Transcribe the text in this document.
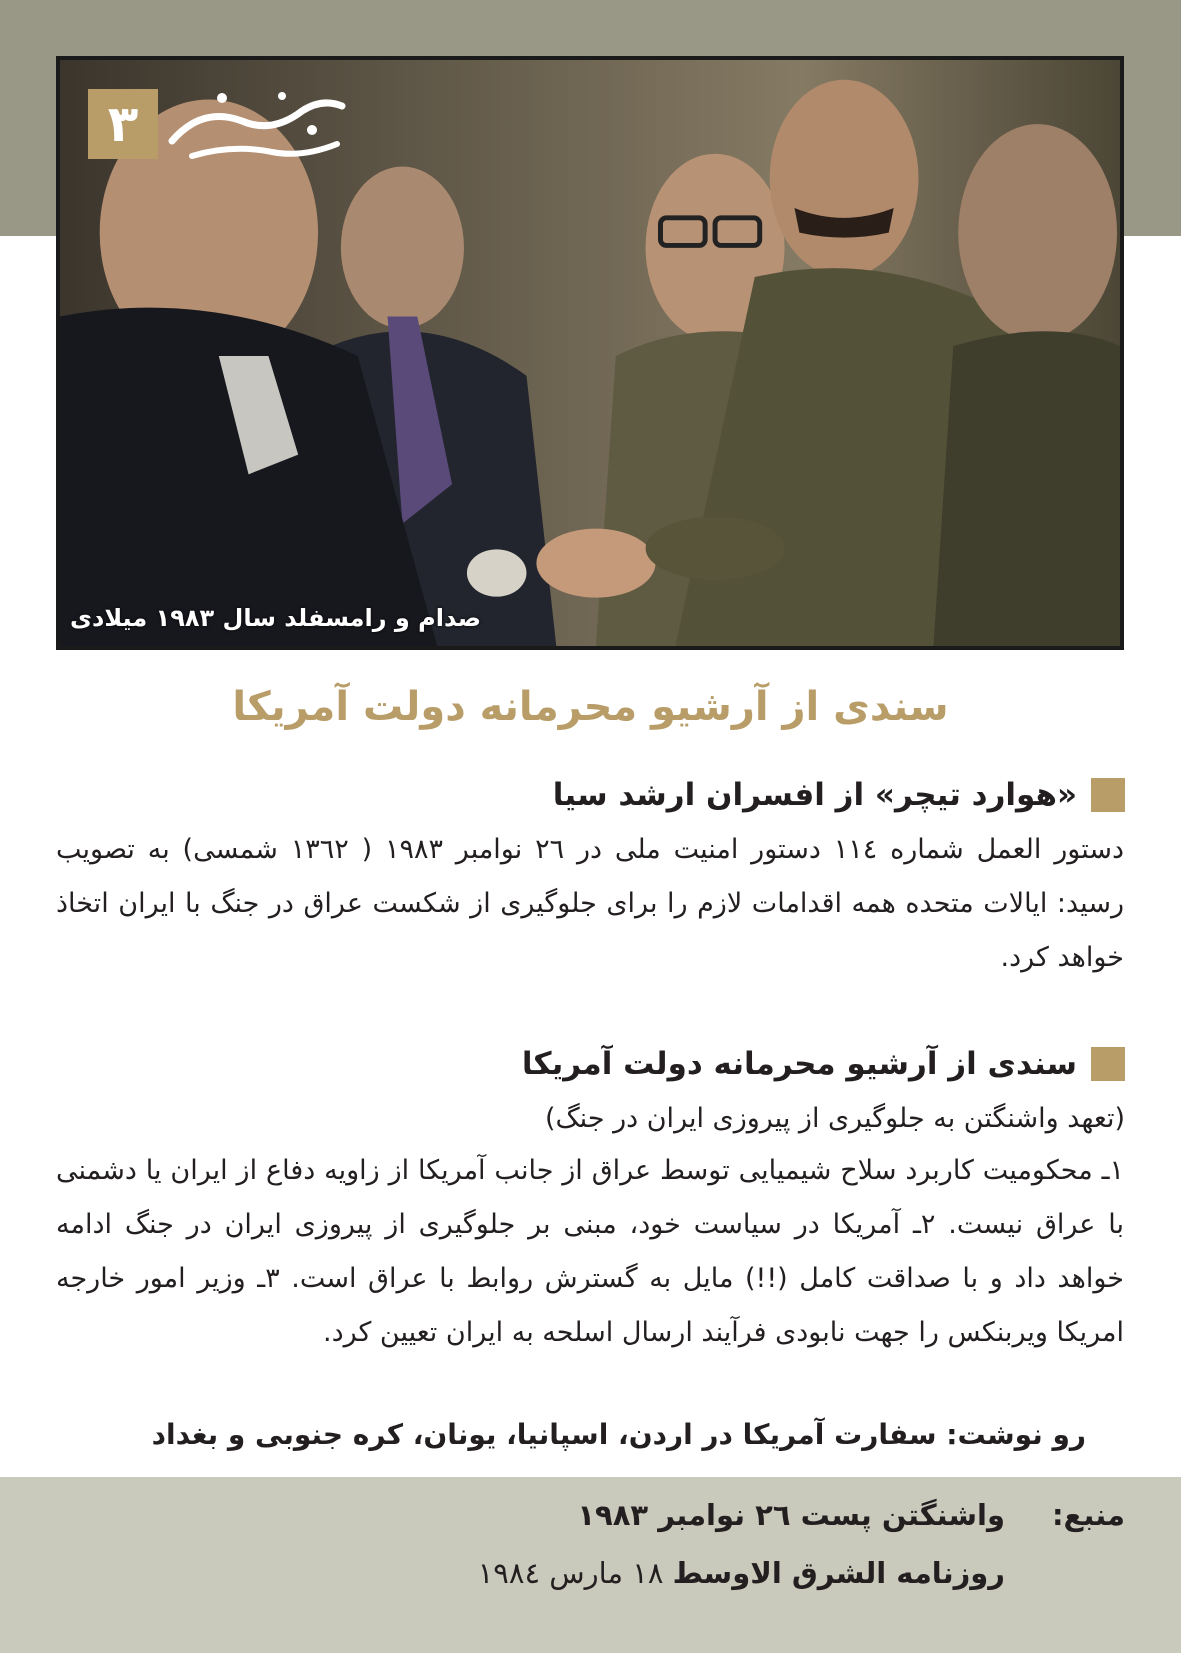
۳
صدام و رامسفلد سال ۱۹۸۳ میلادی
سندی از آرشیو محرمانه دولت آمریکا
«هوارد تیچر» از افسران ارشد سیا
دستور العمل شماره ۱۱٤ دستور امنیت ملی در ۲٦ نوامبر ۱۹۸۳ ( ۱۳٦۲ شمسی) به تصویب رسید: ایالات متحده همه اقدامات لازم را برای جلوگیری از شکست عراق در جنگ با ایران اتخاذ خواهد کرد.
سندی از آرشیو محرمانه دولت آمریکا
(تعهد واشنگتن به جلوگیری از پیروزی ایران در جنگ)
۱ـ محکومیت کاربرد سلاح شیمیایی توسط عراق از جانب آمریکا از زاویه دفاع از ایران یا دشمنی با عراق نیست. ۲ـ آمریکا در سیاست خود، مبنی بر جلوگیری از پیروزی ایران در جنگ ادامه خواهد داد و با صداقت کامل (!!) مایل به گسترش روابط با عراق است. ۳ـ وزیر امور خارجه امریکا ویربنکس را جهت نابودی فرآیند ارسال اسلحه به ایران تعیین کرد.
رو نوشت: سفارت آمریکا در اردن، اسپانیا، یونان، کره جنوبی و بغداد
منبع:
واشنگتن پست ۲٦ نوامبر ۱۹۸۳
روزنامه الشرق الاوسط ۱۸ مارس ۱۹۸٤
